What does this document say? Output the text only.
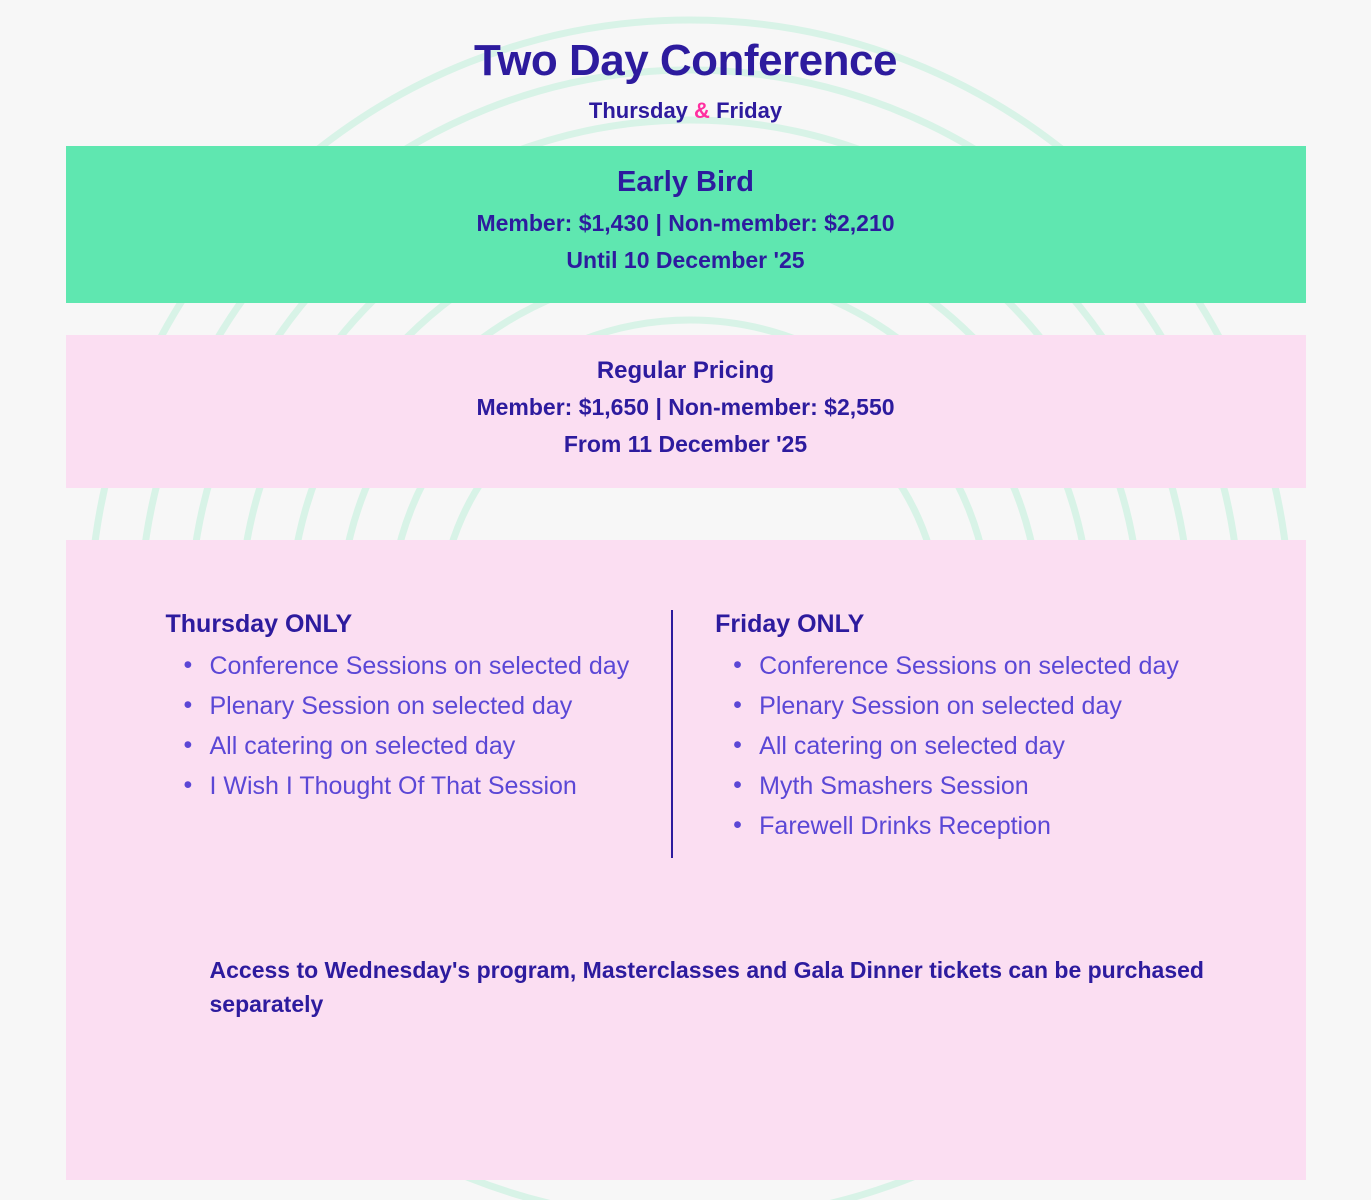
Two Day Conference
Thursday & Friday
Early Bird
Member: $1,430 | Non-member: $2,210
Until 10 December '25
Regular Pricing
Member: $1,650 | Non-member: $2,550
From 11 December '25
Thursday ONLY
• Conference Sessions on selected day
• Plenary Session on selected day
• All catering on selected day
• I Wish I Thought Of That Session
Friday ONLY
• Conference Sessions on selected day
• Plenary Session on selected day
• All catering on selected day
• Myth Smashers Session
• Farewell Drinks Reception
Access to Wednesday's program, Masterclasses and Gala Dinner tickets can be purchased separately
